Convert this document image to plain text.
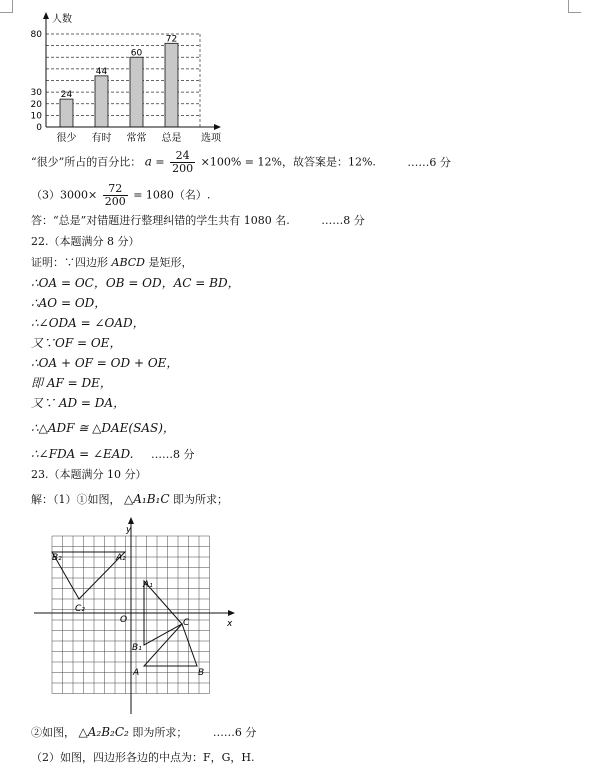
24
44
60
72
很少 有时 常常 总是
0
10
20
30
80
人数
选项
“很少”所占的百分比： $a = \frac{24}{200} \times 100\% = 12\%$，故答案是：12%.	……6 分
$(3)3000\times \frac{72}{200} = 1080$（名）.
答：“总是”对错题进行整理纠错的学生共有 1080 名.	……8 分
22.（本题满分 8 分）
证明：∵四边形 ABCD 是矩形，
∴OA = OC，OB = OD，AC = BD，
∴AO = OD，
∴∠ODA = ∠OAD，
又∵OF = OE，
∴OA + OF = OD + OE，
即 AF = DE，
又∵ AD = DA，
∴△ADF ≅ △DAE(SAS)，
∴∠FDA = ∠EAD. ……8 分
23.（本题满分 10 分）
解：（1）①如图， △A₁B₁C 即为所求；
y
x
O
B₂	A₂
C₂
A₁
C
B₁
A	B
②如图， △A₂B₂C₂ 即为所求； ……6 分
（2）如图，四边形各边的中点为：F，G，H.
